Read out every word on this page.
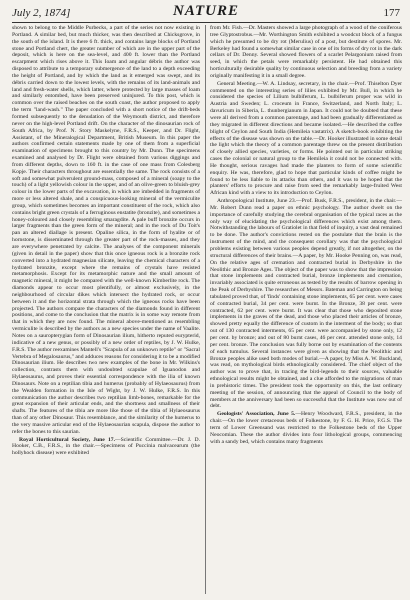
July 2, 1874]	NATURE	177

shown to belong to the Middle Purbecks, a part of the series not now existing in Portland. A similar bed, but much thicker, was then described at Chicksgrove, in the south of the island. It is there 6 ft. thick, and contains large blocks of Portland stone and Portland chert, the greater number of which are in the upper part of the deposit, which is here on the sea-level, and 400 ft. lower than the Portland escarpment which rises above it. This Ioam and angular débris the author was disposed to attribute to a temporary submergence of the land to a depth exceeding the height of Portland, and by which the land as it emerged was swept, and its débris carried down to the lowest levels, with the remains of its land-animals and land and fresh-water shells, which latter, where protected by large masses of loam and similarly entombed, have been preserved uninjured. To this post, which is common over the raised beaches on the south coast, the author proposed to apply the term "land-wash." The paper concluded with a short notice of the drift-beds formed subsequently to the denudation of the Weymouth district, and therefore never on the high-level Portland drift. On the character of the dinosaurian rock of South Africa, by Prof. N. Story Maskelyne, F.R.S., Keeper, and Dr. Flight, Assistant, of the Mineralogical Department, British Museum. In this paper the authors confirmed certain statements made by one of them from a superficial examination of specimens brought to this country by Mr. Dunn. The specimens examined and analysed by Dr. Flight were obtained from various diggings and from different depths, down to 160 ft. in the case of one mass from Colesberg Kopje. Their characters throughout are essentially the same. The rock consists of a soft and somewhat pulverulent ground-mass, composed of a mineral (soapy to the touch) of a light yellowish colour in the upper, and of an olive-green to bluish-grey colour in the lower parts of the excavation, in which are imbedded in fragments of more or less altered shale, and a conspicuous-looking mineral of the vermiculite group, which sometimes becomes an important constituent of the rock, which also contains bright green crystals of a ferruginous enstatite (bronzite), and sometimes a honey-coloured and closely resembling smaragdite. A pale buff bronzite occurs in larger fragments than the green form of the mineral; and in the rock of Du Toit's pan an altered diallage is present. Opaline silica, in the form of hyalite or of hornstone, is disseminated through the greater part of the rock-masses, and they are everywhere penetrated by calcite. The analyses of the component minerals (given in detail in the paper) show that this once igneous rock is a bronzite rock converted into a hydrated magnesian silicate, leaving the chemical characters of a hydrated bronzite, except where the remains of crystals have resisted metamorphosis. Except for its metamorphic nature and the small amount of magnetic mineral, it might be compared with the well-known Kimberlite rock. The diamonds appear to occur most plentifully, or almost exclusively, in the neighbourhood of circular dikes which intersect the hydrated rock, or occur between it and the horizontal strata through which the igneous rocks have been projected. The authors compare the characters of the diamonds found in different positions, and come to the conclusion that the matrix is in some way remote from that in which they are now found. The mineral above-mentioned as resembling vermiculite is described by the authors as a new species under the name of Vaalite. Notes on a sauropterygian form of Dinosaurian ilium, hitherto reputed eurypterid, indicative of a new genus, or possibly of a new order of reptiles, by J. W. Hulke, F.R.S. The author reexamines Mantell's "Scapula of an unknown reptile" or "Sacral Vertebra of Megalosaurus," and adduces reasons for considering it to be a modified Dinosaurian ilium. He describes two new examples of the bone in Mr. Wilkins's collection, contrasts them with undoubted scapulae of Iguanodon and Hylaeosaurus, and proves their essential correspondence with the ilia of known Dinosaurs. Note on a reptilian tibia and humerus (probably of Hylaeosaurus) from the Wealden formation in the Isle of Wight, by J. W. Hulke, F.R.S. In this communication the author describes two reptilian limb-bones, remarkable for the great expansion of their articular ends, and the shortness and smallness of their shafts. The features of the tibia are more like those of the tibia of Hylaeosaurus than of any other Dinosaur. This resemblance, and the similarity of the humerus to the very massive articular end of the Hylaeosaurian scapula, dispose the author to refer the bones to this saurian.

Royal Horticultural Society, June 17.—Scientific Committee.—Dr. J. D. Hooker, C.B., F.R.S., in the chair.—Specimens of Puccinia malvacearum (the hollyhock disease) were exhibited

from Mr. Fish.—Dr. Masters showed a large photograph of a wood of the coniferous tree Glyptostrobus.—Mr. Worthington Smith exhibited a woodcut block of a fungus which he presumed to be dry rot (Merulius) of a post, but destitute of spores. Mr. Berkeley had found a somewhat similar case in one of its forms of dry rot in the dark cellars of Dr. Denny. Several showed flowers of a scarlet Pelargonium raised from seed, in which the petals were remarkably persistent. He had obtained this horticulturally desirable quality by continuous selection and breeding from a variety originally manifesting it in a small degree.

General Meeting.—W. A. Lindsay, secretary, in the chair.—Prof. Thiselton Dyer commented on the interesting series of lilies exhibited by Mr. Bull, in which he considered the species of Lilium bulbiferum, L. bulbiferum proper was wild in Austria and Sweden; L. croceum in France, Switzerland, and North Italy; L. davuricum in Siberia, L. thunbergianum in Japan. It could not be doubted that these were all derived from a common parentage, and had been gradually differentiated as they migrated in different directions and became isolated.—He described the coffee blight of Ceylon and South India (Hemileia vastatrix). A sketch-book exhibiting the effects of the disease was shown on the table.—Dr. Hooker illustrated in some detail the light which the theory of a common parentage threw on the present distribution of closely allied species, varieties, or forms. He pointed out in particular striking cases the colonial or natural group to the Hemileia it could not be connected with. He thought, serious ravages had made the planters to form of some scientific enquiry. He was, therefore, glad to hope that particular kinds of coffee might be found to be less liable to its attacks than others, and it was to be hoped that the planters' efforts to procure and raise from seed the remarkably large-fruited West African kind with a view to its introduction to Ceylon.

Anthropological Institute, June 23.—Prof. Busk, F.R.S., president, in the chair.—Mr. Robert Dunn read a paper on ethnic psychology. The author dwelt on the importance of carefully studying the cerebral organisation of the typical races as the only way of elucidating the psychological differences which exist among them. Notwithstanding the labours of Gratiolet in that field of inquiry, a vast deal remained to be done. The author's convictions rested on the postulate that the brain is the instrument of the mind, and the consequent corollary was that the psychological problems existing between various peoples depend greatly, if not altogether, on the structural differences of their brains.—A paper, by Mr. Hooke Penning on, was read, On the relative ages of cremation and contracted burial in Derbyshire in the Neolithic and Bronze Ages. The object of the paper was to show that the impression that stone implements and contracted burial, bronze implements and cremation, invariably associated is quite erroneous as tested by the results of barrow opening in the Peak of Derbyshire. The researches of Messrs. Bateman and Carrington on being tabulated proved that, of 'finds' containing stone implements, 65 per cent. were cases of contracted burial, 34 per cent. were burnt. In the Bronze, 38 per cent. were contracted, 62 per cent. were burnt. It was clear that those who deposited stone implements in the graves of the dead, and those who placed their articles of bronze, showed pretty equally the difference of custom in the interment of the body; so that out of 130 contracted interments, 65 per cent. were accompanied by stone only, 12 per cent. by bronze; and out of 80 burnt cases, 46 per cent. attended stone only, 14 per cent. bronze. The conclusion was fully borne out by examination of the contents of each tumulus. Several instances were given as showing that the Neolithic and Bronze peoples alike used both modes of burial.—A paper, by Miss A. W. Buckland, was read, on mythological birds ethnologically considered. The chief object of the author was to prove that, in tracing the bird-legends to their sources, valuable ethnological results might be obtained, and a clue afforded to the migrations of man in prehistoric times. The president took the opportunity on this, the last ordinary meeting of the session, of announcing that the appeal of Council to the body of members at the anniversary had been so successful that the Institute was now out of debt.

Geologists' Association, June 5.—Henry Woodward, F.R.S., president, in the chair.—On the lower cretaceous beds of Folkestone, by F. G. H. Price, F.G.S. The term of Lower Greensand was restricted to the Folkestone beds of the Upper Neocomian. These the author divides into four lithological groups, commencing with a sandy bed, which contains many fragments
